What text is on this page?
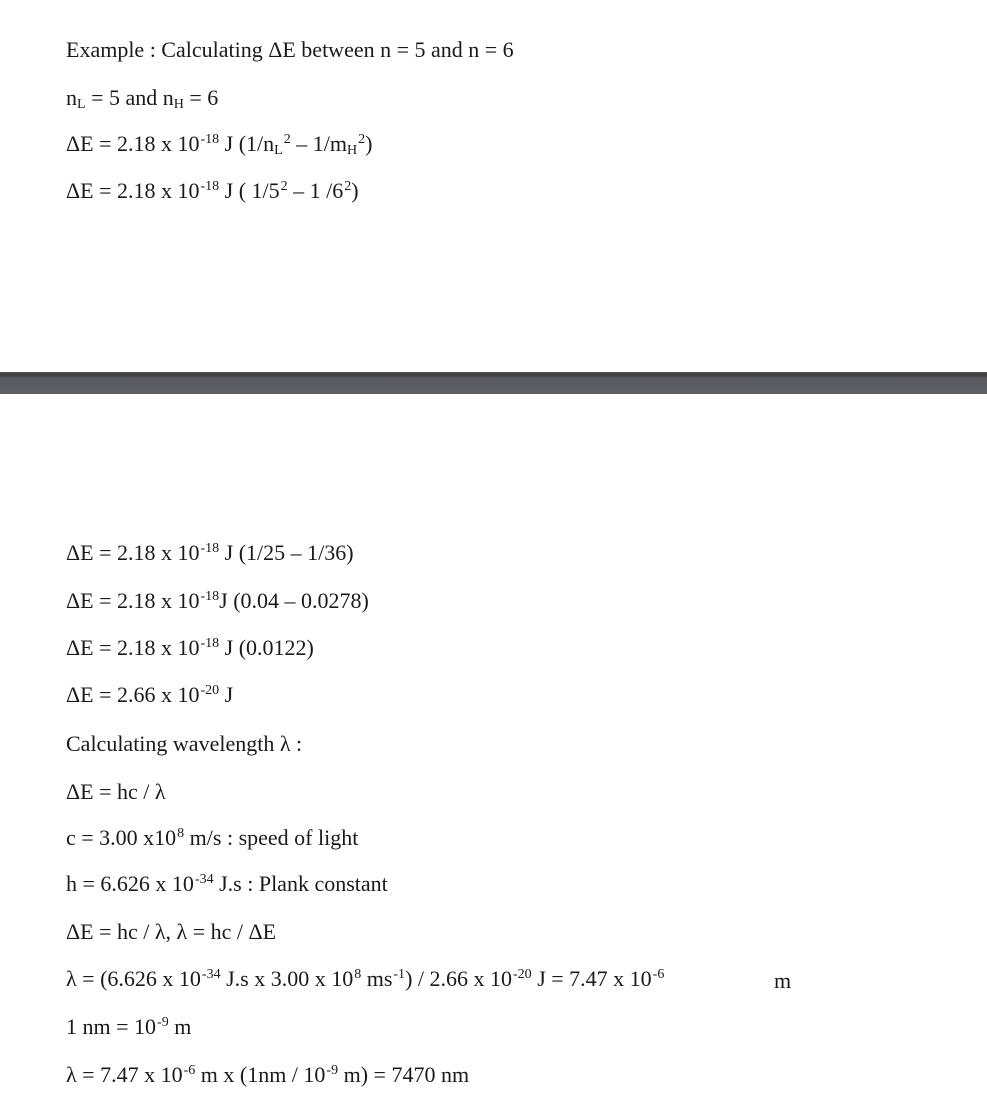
Example : Calculating ΔE between n = 5 and n = 6
$n_L = 5$ and $n_H = 6$
ΔE = 2.18 x $10^{-18}$ J $(1/n_L^2 - 1/m_H^2)$
ΔE = 2.18 x $10^{-18}$ J ( $1/5^2 - 1$ $/6^2$)
ΔE = 2.18 x $10^{-18}$ J (1/25 – 1/36)
ΔE = 2.18 x $10^{-18}J$ (0.04 – 0.0278)
ΔE = 2.18 x $10^{-18}$ J (0.0122)
ΔE = 2.66 x $10^{-20}$ J
Calculating wavelength λ :
ΔE = hc / λ
c = 3.00 $x10^8$ m/s : speed of light
h = 6.626 x $10^{-34}$ J.s : Plank constant
ΔE = hc / λ, λ = hc / ΔE
λ = (6.626 x $10^{-34}$ J.s x 3.00 x $10^8$ $ms^{-1}) / 2.66$ x $10^{-20}$ J = 7.47 x $10^{-6}$	m
1 nm = $10^{-9}$ m
λ = 7.47 x $10^{-6}$ m x ($1nm / 10^{-9}$ m) = 7470 nm
